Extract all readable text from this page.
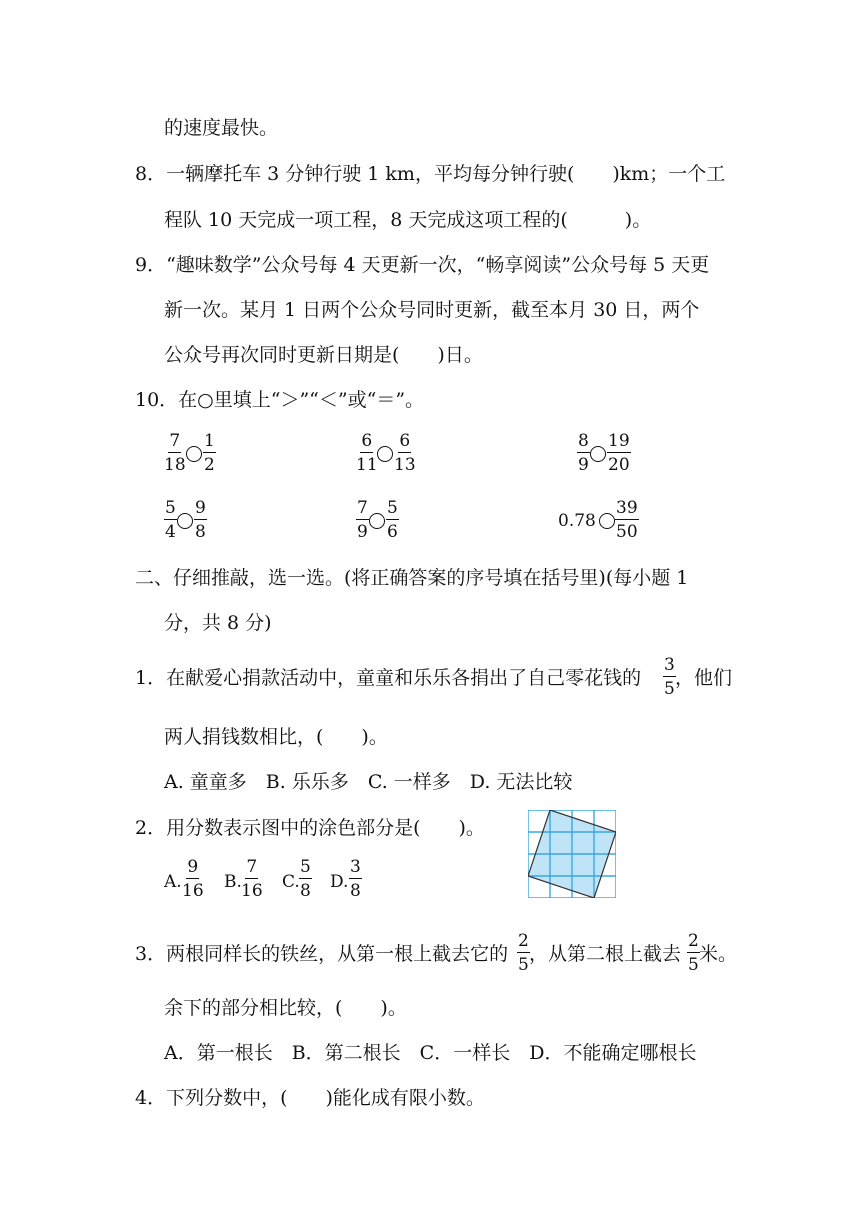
的速度最快。
8．一辆摩托车 3 分钟行驶 1 km，平均每分钟行驶(　　)km；一个工
程队 10 天完成一项工程，8 天完成这项工程的(　　　)。
9．“趣味数学”公众号每 4 天更新一次，“畅享阅读”公众号每 5 天更
新一次。某月 1 日两个公众号同时更新，截至本月 30 日，两个
公众号再次同时更新日期是(　　)日。
10．在○里填上“＞”“＜”或“＝”。
$\frac{7}{18} \frac{1}{2}$	$\frac{6}{11} \frac{6}{13}$	$\frac{8}{9} \frac{19}{20}$
$\frac{5}{4} \frac{9}{8}$	$\frac{7}{9} \frac{5}{6}$	$0.78 \frac{39}{50}$
二、仔细推敲，选一选。(将正确答案的序号填在括号里)(每小题 1
分，共 8 分)
1．在献爱心捐款活动中，童童和乐乐各捐出了自己零花钱的 $\frac{3}{5}$ ，他们
两人捐钱数相比，(　　)。
A. 童童多　B. 乐乐多　C. 一样多　D. 无法比较
2．用分数表示图中的涂色部分是(　　)。
A. $\frac{9}{16} B$. $\frac{7}{16} C$. $\frac{5}{8} D$. $\frac{3}{8}$
3．两根同样长的铁丝，从第一根上截去它的 $\frac{2}{5}$ ，从第二根上截去 $\frac{2}{5}$ 米。
余下的部分相比较，(　　)。
A．第一根长　B．第二根长　C．一样长　D．不能确定哪根长
4．下列分数中，(　　)能化成有限小数。
